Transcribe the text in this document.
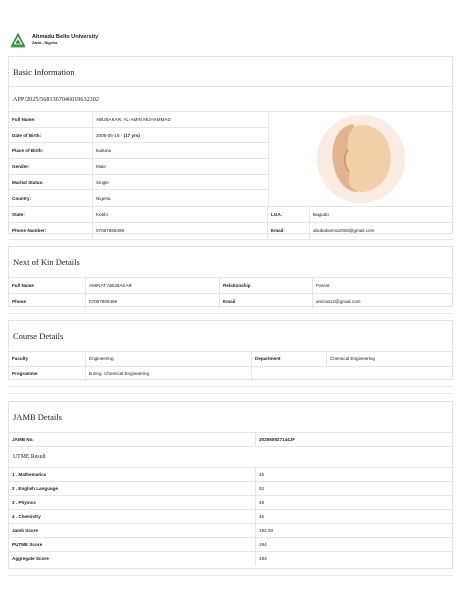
Ahmadu Bello University
Zaria - Nigeria
Basic Information
APP/2025/5681367046019632302
Full Name:	ABUBAKAR, AL-AMIN MUHAMMAD
Date of Birth:	2008-05-16 - (17 yrs)
Place of Birth:	kaduna
Gender:	Male
Marital Status:	Single
Country:	Nigeria
State:	Kebbi	LGA:	Bagudo
Phone Number:	07067869499	Email:	abubakarma2008@gmail.com
Next of Kin Details
Full Name	AMINAT ABUBAKAR	Relationship	Parent
Phone	07067869499	Email	aminat12@gmail.com
Course Details
Faculty	Engineering	Department	Chemical Engineering
Programme	B.Eng. Chemical Engineering
JAMB Details
JAMB No.	202550927144JF
UTME Result
1 . Mathematics	46
2 . English Language	52
3 . Physics	48
4 . Chemistry	46
Jamb Score	192.00
PUTME Score	194
Aggregate Score	193
